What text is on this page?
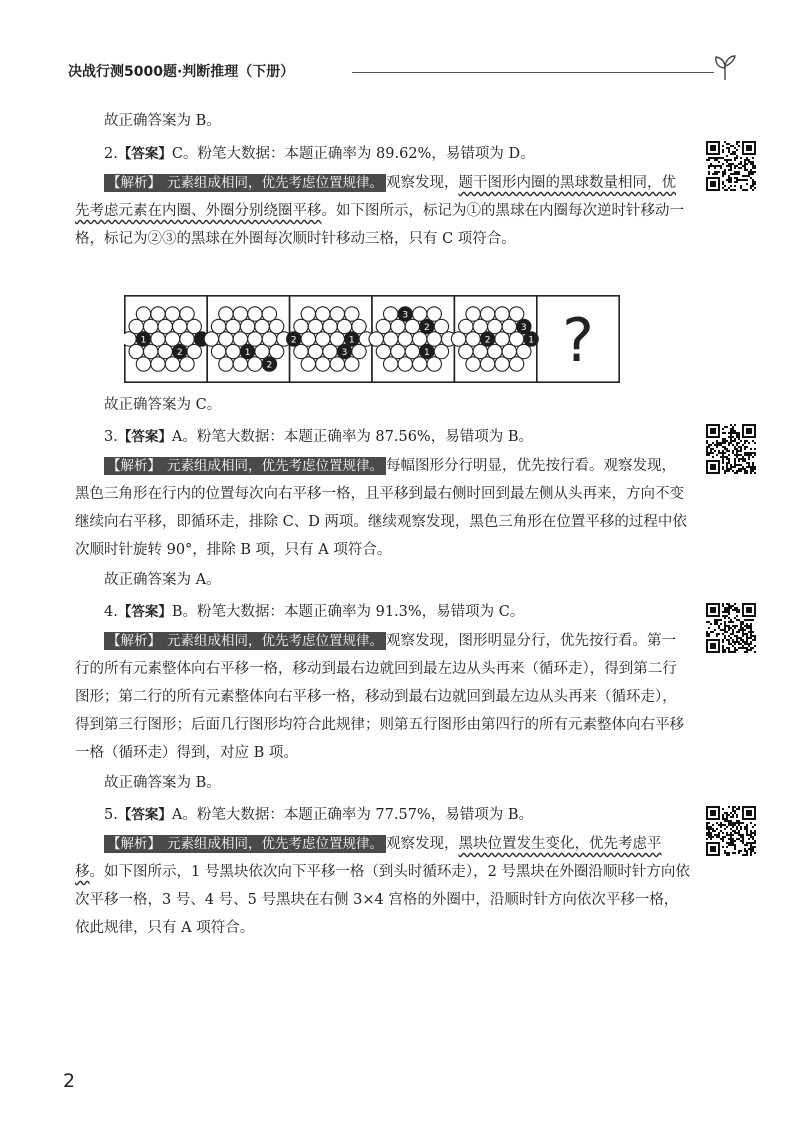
决战行测5000题·判断推理（下册）

故正确答案为 B。

2.【答案】C。粉笔大数据：本题正确率为 89.62%，易错项为 D。

【解析】 元素组成相同，优先考虑位置规律。 观察发现，题干图形内圈的黑球数量相同，优先考虑元素在内圈、外圈分别绕圈平移。如下图所示，标记为①的黑球在内圈每次逆时针移动一格，标记为②③的黑球在外圈每次顺时针移动三格，只有 C 项符合。

1
2	1
2	3
2
3
1
3
2
1
3
1
2 ?

故正确答案为 C。

3.【答案】A。粉笔大数据：本题正确率为 87.56%，易错项为 B。

【解析】 元素组成相同，优先考虑位置规律。 每幅图形分行明显，优先按行看。观察发现，黑色三角形在行内的位置每次向右平移一格，且平移到最右侧时回到最左侧从头再来，方向不变继续向右平移，即循环走，排除 C、D 两项。继续观察发现，黑色三角形在位置平移的过程中依次顺时针旋转 90°，排除 B 项，只有 A 项符合。

故正确答案为 A。

4.【答案】B。粉笔大数据：本题正确率为 91.3%，易错项为 C。

【解析】 元素组成相同，优先考虑位置规律。 观察发现，图形明显分行，优先按行看。第一行的所有元素整体向右平移一格，移动到最右边就回到最左边从头再来（循环走），得到第二行图形；第二行的所有元素整体向右平移一格，移动到最右边就回到最左边从头再来（循环走），得到第三行图形；后面几行图形均符合此规律；则第五行图形由第四行的所有元素整体向右平移一格（循环走）得到，对应 B 项。

故正确答案为 B。

5.【答案】A。粉笔大数据：本题正确率为 77.57%，易错项为 B。

【解析】 元素组成相同，优先考虑位置规律。 观察发现，黑块位置发生变化，优先考虑平移。如下图所示，1 号黑块依次向下平移一格（到头时循环走），2 号黑块在外圈沿顺时针方向依次平移一格，3 号、4 号、5 号黑块在右侧 3×4 宫格的外圈中，沿顺时针方向依次平移一格，依此规律，只有 A 项符合。

2
